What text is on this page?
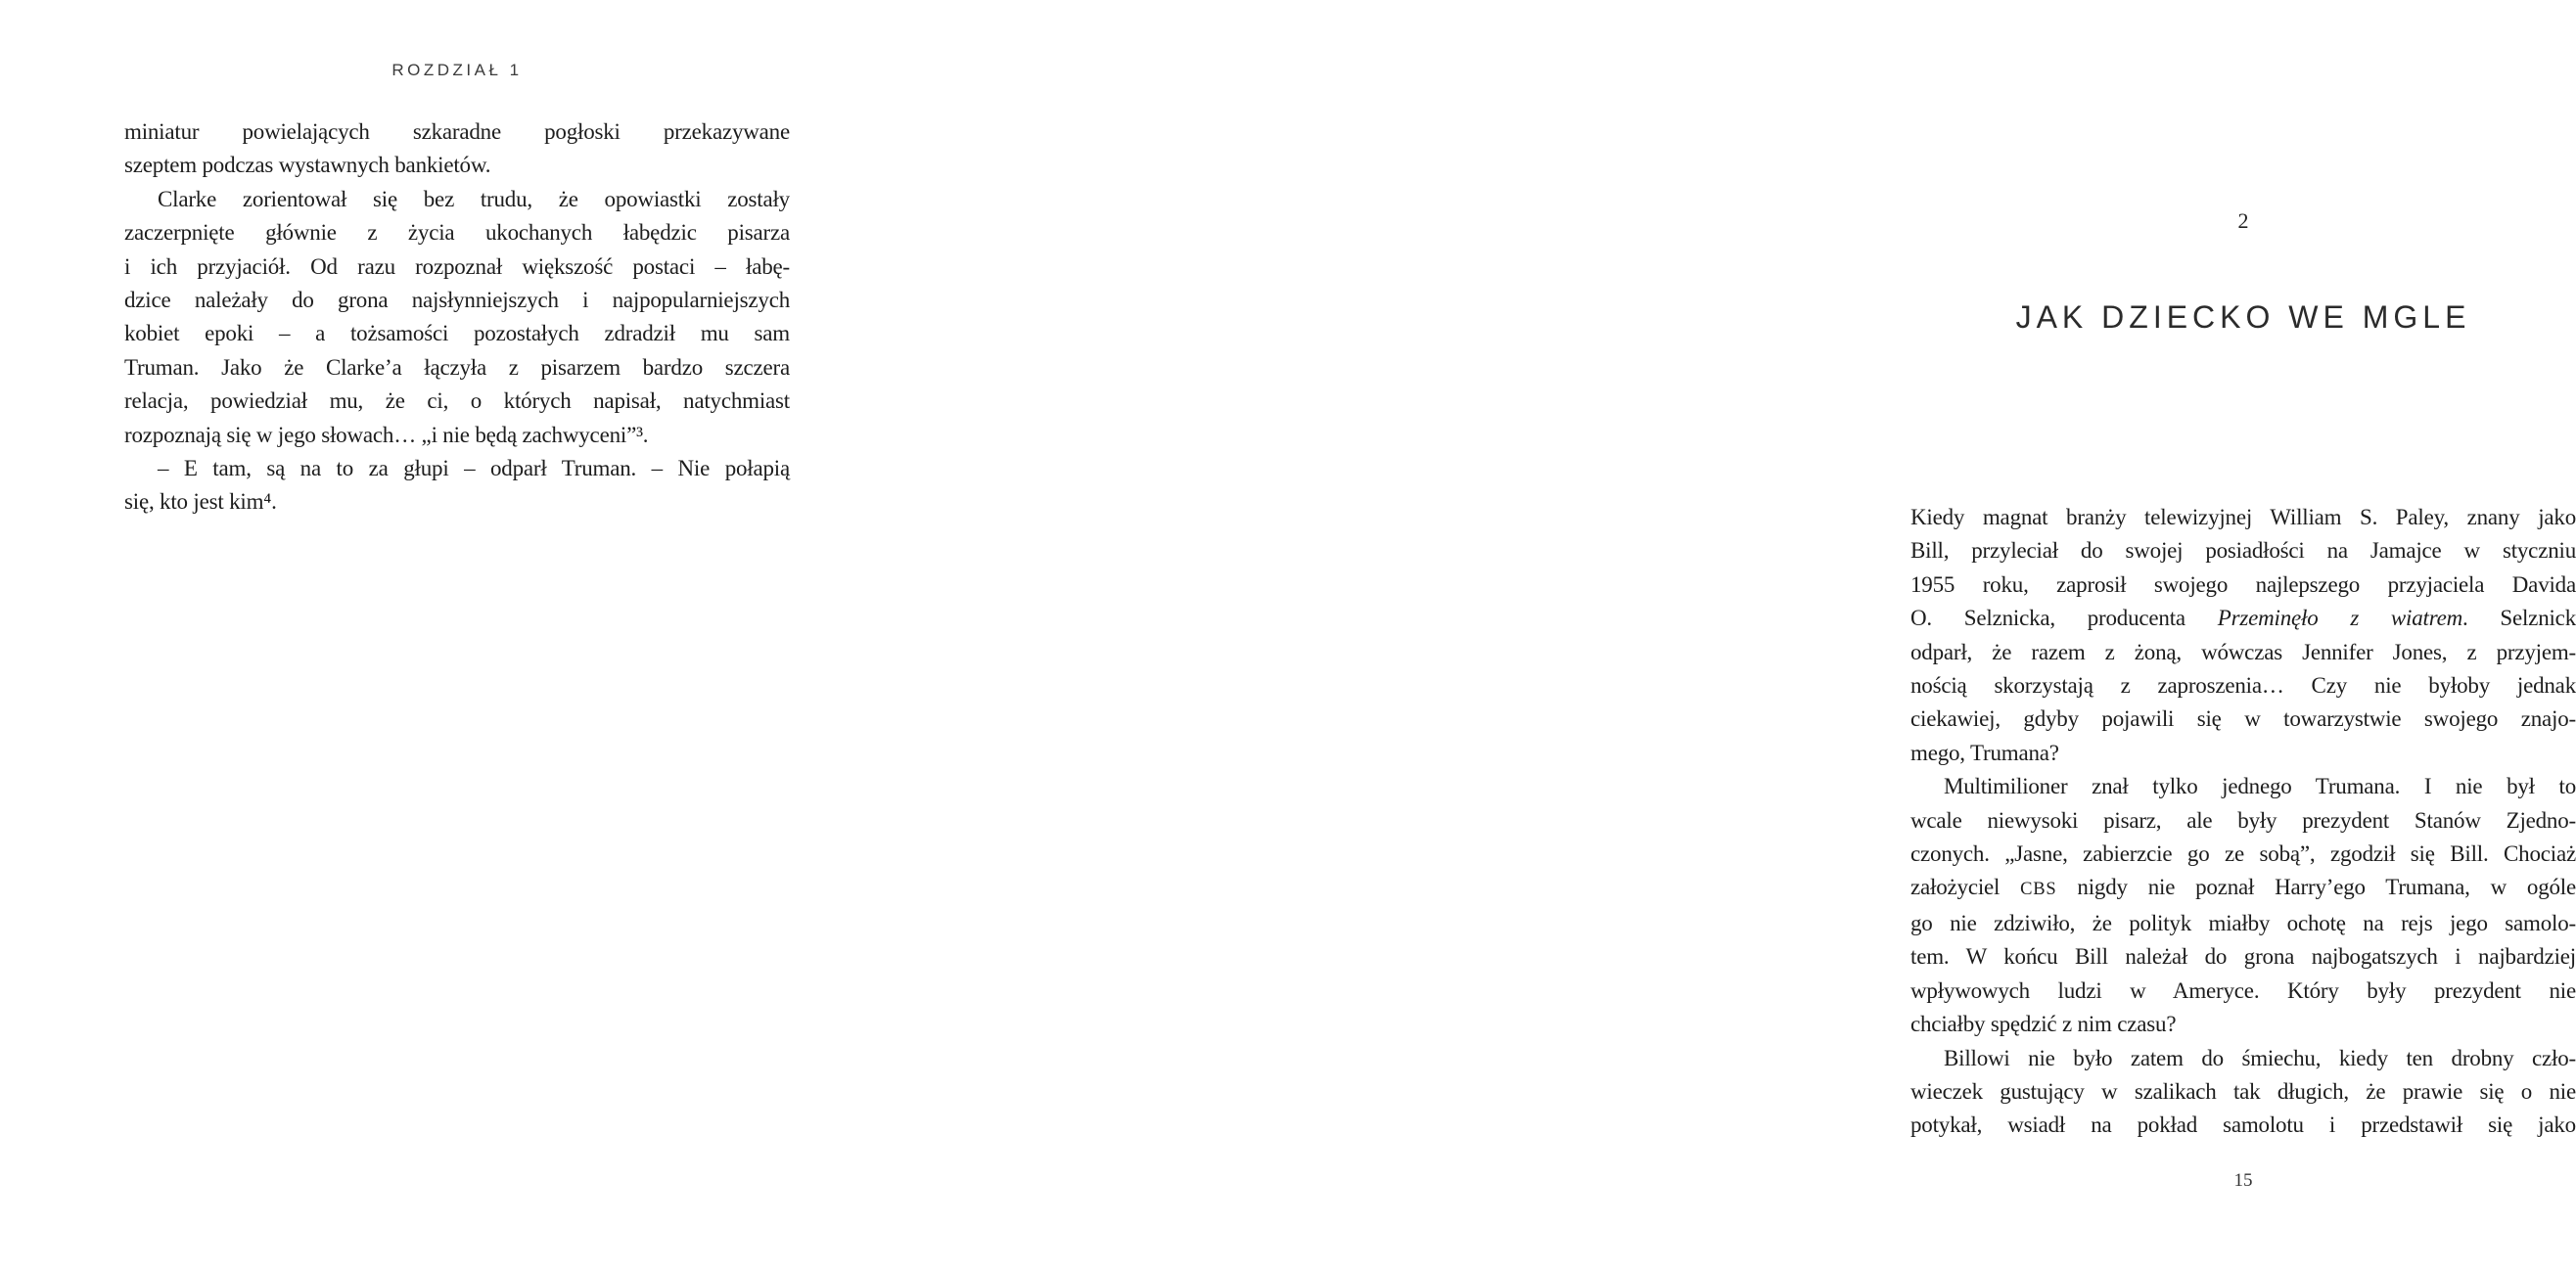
ROZDZIAŁ 1
miniatur powielających szkaradne pogłoski przekazywane
szeptem podczas wystawnych bankietów.
Clarke zorientował się bez trudu, że opowiastki zostały
zaczerpnięte głównie z życia ukochanych łabędzic pisarza
i ich przyjaciół. Od razu rozpoznał większość postaci – łabę-
dzice należały do grona najsłynniejszych i najpopularniejszych
kobiet epoki – a tożsamości pozostałych zdradził mu sam
Truman. Jako że Clarke’a łączyła z pisarzem bardzo szczera
relacja, powiedział mu, że ci, o których napisał, natychmiast
rozpoznają się w jego słowach… „i nie będą zachwyceni”³.
– E tam, są na to za głupi – odparł Truman. – Nie połapią
się, kto jest kim⁴.
2
JAK DZIECKO WE MGLE
Kiedy magnat branży telewizyjnej William S. Paley, znany jako
Bill, przyleciał do swojej posiadłości na Jamajce w styczniu
1955 roku, zaprosił swojego najlepszego przyjaciela Davida
O. Selznicka, producenta Przeminęło z wiatrem. Selznick
odparł, że razem z żoną, wówczas Jennifer Jones, z przyjem-
nością skorzystają z zaproszenia… Czy nie byłoby jednak
ciekawiej, gdyby pojawili się w towarzystwie swojego znajo-
mego, Trumana?
Multimilioner znał tylko jednego Trumana. I nie był to
wcale niewysoki pisarz, ale były prezydent Stanów Zjedno-
czonych. „Jasne, zabierzcie go ze sobą”, zgodził się Bill. Chociaż
założyciel CBS nigdy nie poznał Harry’ego Trumana, w ogóle
go nie zdziwiło, że polityk miałby ochotę na rejs jego samolo-
tem. W końcu Bill należał do grona najbogatszych i najbardziej
wpływowych ludzi w Ameryce. Który były prezydent nie
chciałby spędzić z nim czasu?
Billowi nie było zatem do śmiechu, kiedy ten drobny czło-
wieczek gustujący w szalikach tak długich, że prawie się o nie
potykał, wsiadł na pokład samolotu i przedstawił się jako
15
